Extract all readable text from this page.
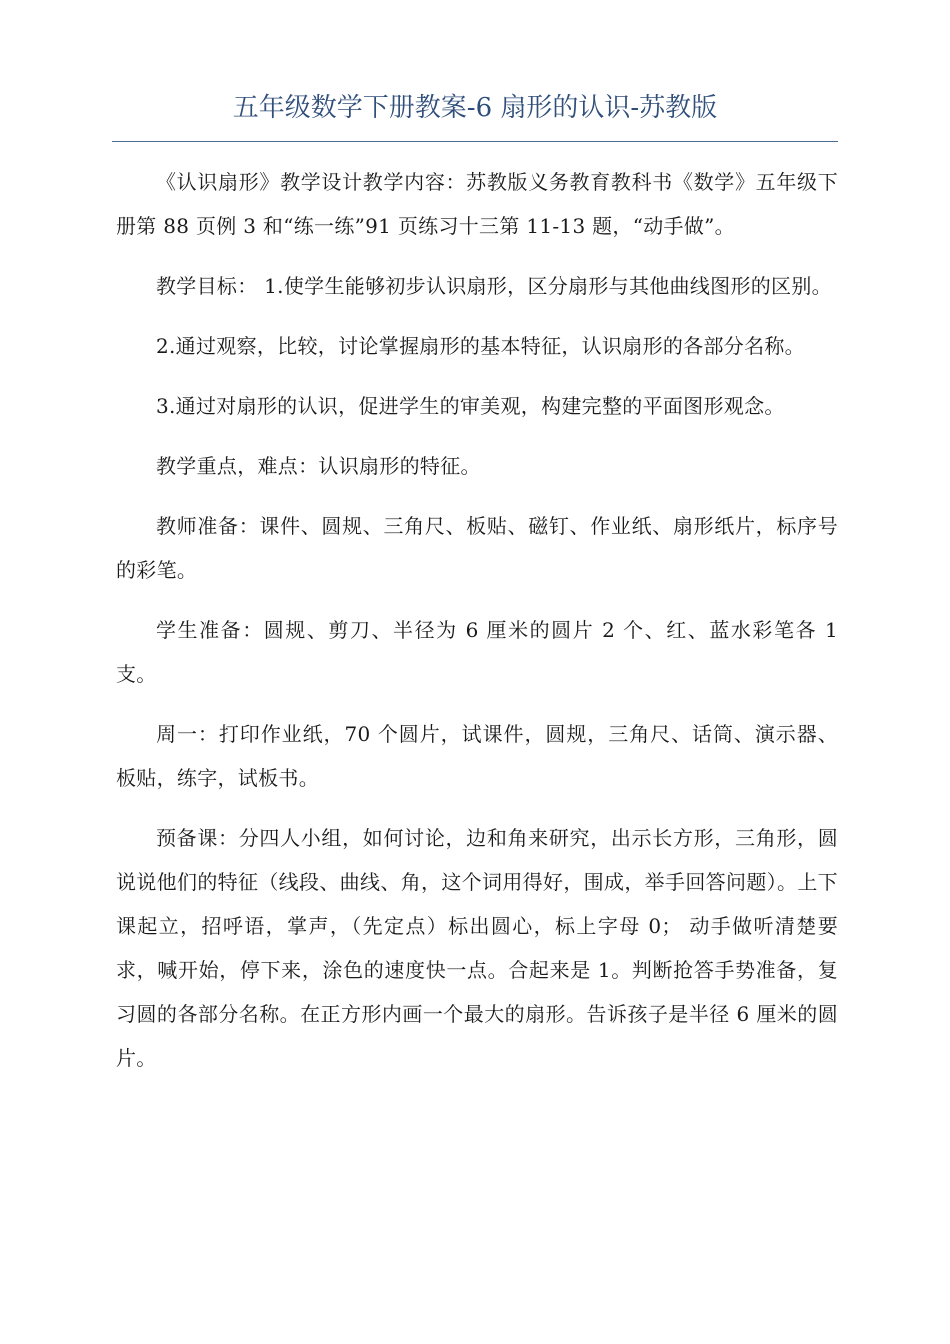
五年级数学下册教案-6 扇形的认识-苏教版

《认识扇形》教学设计教学内容：苏教版义务教育教科书《数学》五年级下册第 88 页例 3 和“练一练”91 页练习十三第 11-13 题，“动手做”。

教学目标： 1.使学生能够初步认识扇形，区分扇形与其他曲线图形的区别。

2.通过观察，比较，讨论掌握扇形的基本特征，认识扇形的各部分名称。

3.通过对扇形的认识，促进学生的审美观，构建完整的平面图形观念。

教学重点，难点：认识扇形的特征。

教师准备：课件、圆规、三角尺、板贴、磁钉、作业纸、扇形纸片，标序号的彩笔。

学生准备：圆规、剪刀、半径为 6 厘米的圆片 2 个、红、蓝水彩笔各 1 支。

周一：打印作业纸，70 个圆片，试课件，圆规，三角尺、话筒、演示器、板贴，练字，试板书。

预备课：分四人小组，如何讨论，边和角来研究，出示长方形，三角形，圆说说他们的特征（线段、曲线、角，这个词用得好，围成，举手回答问题）。上下课起立，招呼语，掌声，（先定点）标出圆心，标上字母 0； 动手做听清楚要求，喊开始，停下来，涂色的速度快一点。合起来是 1。判断抢答手势准备，复习圆的各部分名称。在正方形内画一个最大的扇形。告诉孩子是半径 6 厘米的圆片。
